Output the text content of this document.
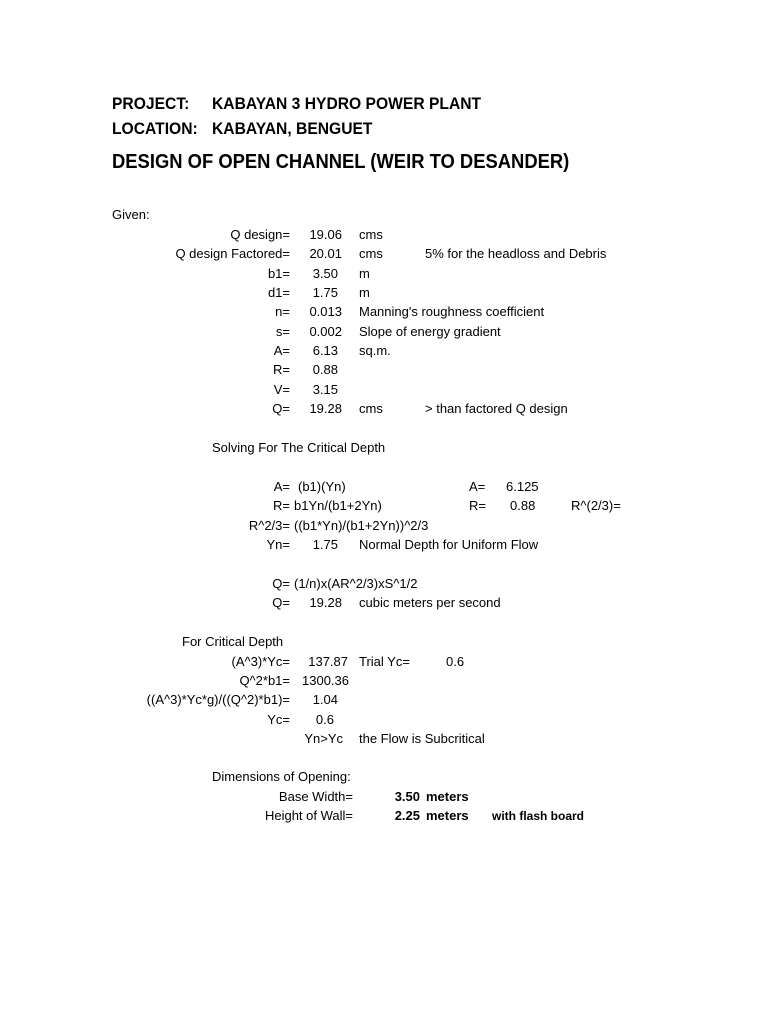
PROJECT: KABAYAN 3 HYDRO POWER PLANT
LOCATION: KABAYAN, BENGUET
DESIGN OF OPEN CHANNEL (WEIR TO DESANDER)
Given:
Q design=	19.06 cms
Q design Factored=	20.01 cms	5% for the headloss and Debris
b1=	3.50 m
d1=	1.75 m
n=	0.013 Manning's roughness coefficient
s=	0.002 Slope of energy gradient
A=	6.13 sq.m.
R=	0.88
V=	3.15
Q=	19.28 cms	> than factored Q design
Solving For The Critical Depth
A= (b1)(Yn)	A= 6.125
R= b1Yn/(b1+2Yn)	R= 0.88	R^(2/3)=
R^2/3= ((b1*Yn)/(b1+2Yn))^2/3
Yn=	1.75 Normal Depth for Uniform Flow
Q= (1/n)x(AR^2/3)xS^1/2
Q=	19.28 cubic meters per second
For Critical Depth
(A^3)*Yc=	137.87 Trial Yc=	0.6
Q^2*b1= 1300.36
((A^3)*Yc*g)/((Q^2)*b1)=	1.04
Yc=	0.6
Yn>Yc the Flow is Subcritical
Dimensions of Opening:
Base Width=	3.50 meters
Height of Wall=	2.25 meters with flash board
